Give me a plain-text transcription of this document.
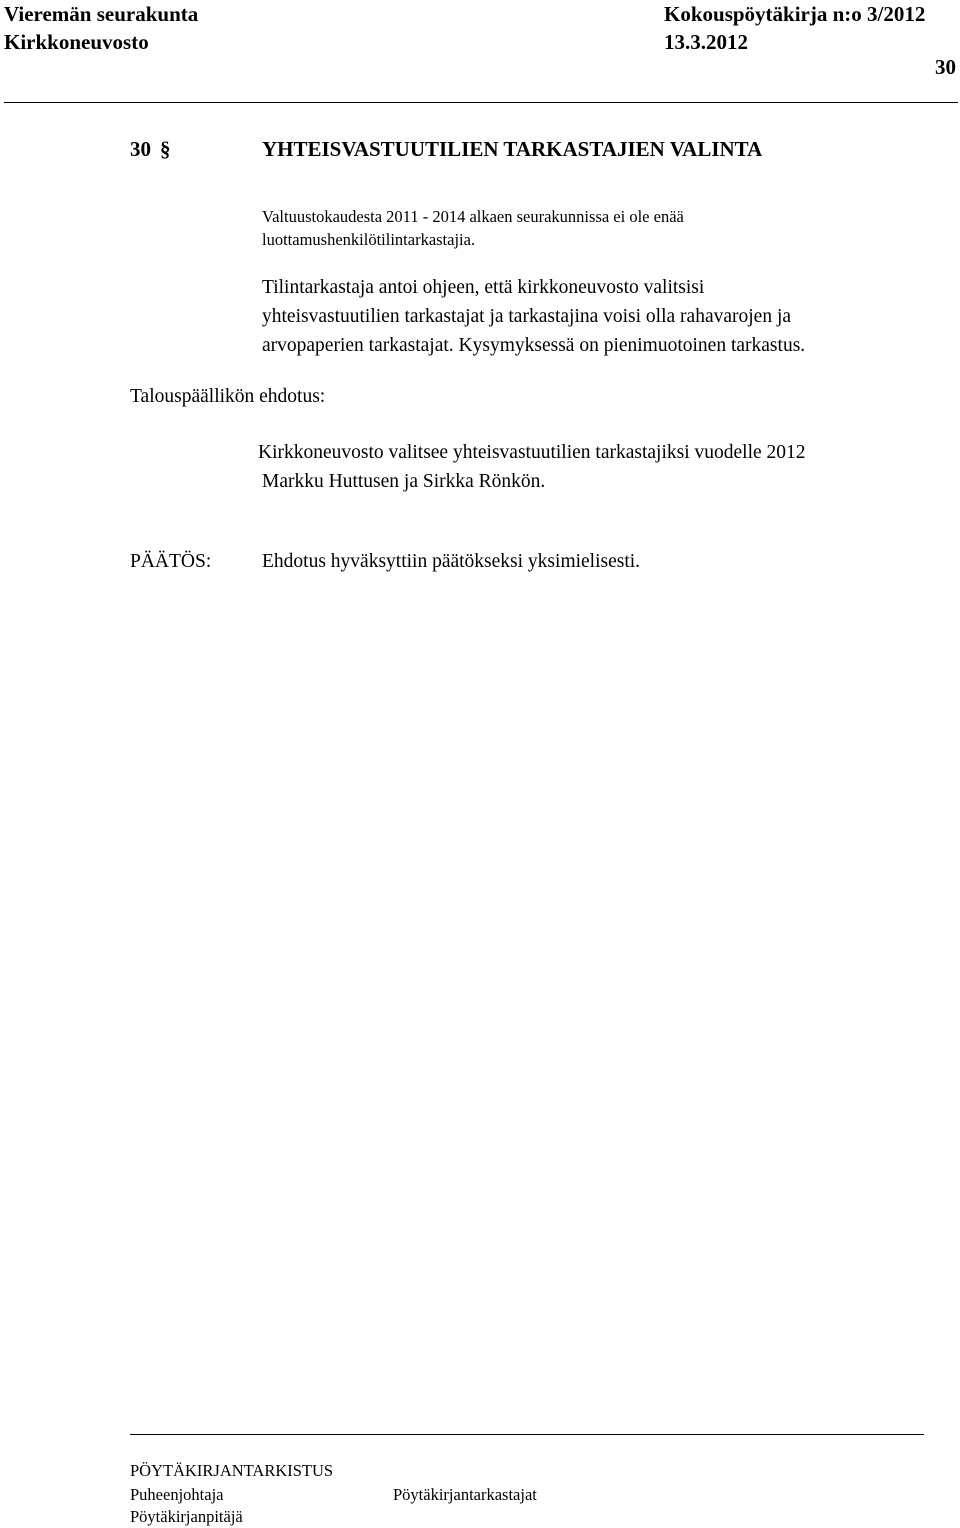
Vieremän seurakunta
Kirkkoneuvosto
Kokouspöytäkirja n:o 3/2012
13.3.2012
30
30 §	YHTEISVASTUUTILIEN TARKASTAJIEN VALINTA
Valtuustokaudesta 2011 - 2014 alkaen seurakunnissa ei ole enää
luottamushenkilötilintarkastajia.
Tilintarkastaja antoi ohjeen, että kirkkoneuvosto valitsisi
yhteisvastuutilien tarkastajat ja tarkastajina voisi olla rahavarojen ja
arvopaperien tarkastajat. Kysymyksessä on pienimuotoinen tarkastus.
Talouspäällikön ehdotus:
Kirkkoneuvosto valitsee yhteisvastuutilien tarkastajiksi vuodelle 2012
Markku Huttusen ja Sirkka Rönkön.
PÄÄTÖS:	Ehdotus hyväksyttiin päätökseksi yksimielisesti.
PÖYTÄKIRJANTARKISTUS
Puheenjohtaja	Pöytäkirjantarkastajat
Pöytäkirjanpitäjä
